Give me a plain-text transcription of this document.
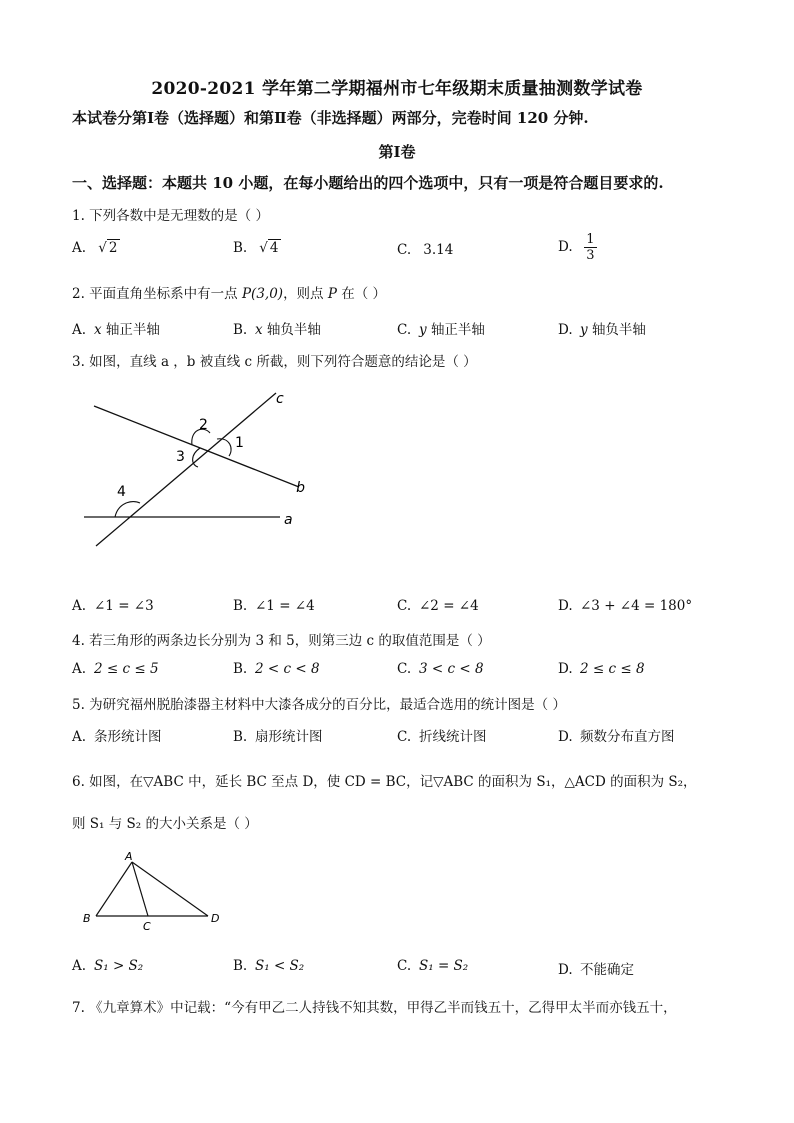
2020-2021 学年第二学期福州市七年级期末质量抽测数学试卷
本试卷分第Ⅰ卷（选择题）和第Ⅱ卷（非选择题）两部分，完卷时间 120 分钟.
第Ⅰ卷
一、选择题：本题共 10 小题，在每小题给出的四个选项中，只有一项是符合题目要求的.
1. 下列各数中是无理数的是（ ）
A. √ 2	B. √ 4	C. 3.14	D. $\frac{1}{3}$
2. 平面直角坐标系中有一点 P(3,0)，则点 P 在（ ）
A. x 轴正半轴	B. x 轴负半轴	C. y 轴正半轴	D. y 轴负半轴
3. 如图，直线 a ，b 被直线 c 所截，则下列符合题意的结论是（ ）
c
b
a
2
1
3
4
A. ∠1 = ∠3	B. ∠1 = ∠4	C. ∠2 = ∠4	D. ∠3 + ∠4 = 180°
4. 若三角形的两条边长分别为 3 和 5，则第三边 c 的取值范围是（ ）
A. 2 ≤ c ≤ 5	B. 2 < c < 8	C. 3 < c < 8	D. 2 ≤ c ≤ 8
5. 为研究福州脱胎漆器主材料中大漆各成分的百分比，最适合选用的统计图是（ ）
A. 条形统计图	B. 扇形统计图	C. 折线统计图	D. 频数分布直方图
6. 如图，在▽ABC 中，延长 BC 至点 D，使 CD = BC，记▽ABC 的面积为 S₁，△ACD 的面积为 S₂，
则 S₁ 与 S₂ 的大小关系是（ ）
A
B
C
D
A. S₁ > S₂	B. S₁ < S₂	C. S₁ = S₂	D. 不能确定
7. 《九章算术》中记载：“今有甲乙二人持钱不知其数，甲得乙半而钱五十，乙得甲太半而亦钱五十，
